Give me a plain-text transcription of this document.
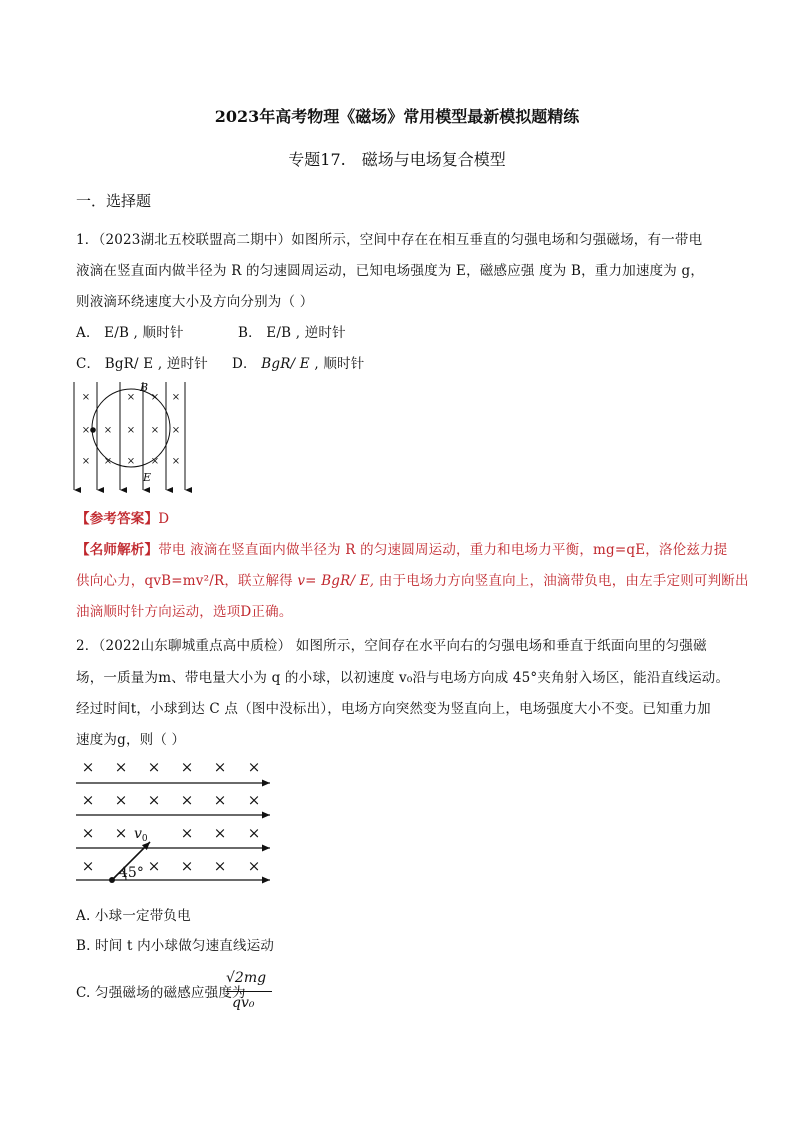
2023年高考物理《磁场》常用模型最新模拟题精练
专题17.　磁场与电场复合模型
一．选择题
1．（2023湖北五校联盟高二期中）如图所示，空间中存在在相互垂直的匀强电场和匀强磁场，有一带电
液滴在竖直面内做半径为 R 的匀速圆周运动，已知电场强度为 E，磁感应强 度为 B，重力加速度为 g，
则液滴环绕速度大小及方向分别为（ ）
A． E/B , 顺时针	B． E/B , 逆时针
C． BgR/ E , 逆时针 D． BgR/ E , 顺时针
×	× × ×
× × × × ×
× × × × ×
B
E
【参考答案】D
【名师解析】带电 液滴在竖直面内做半径为 R 的匀速圆周运动，重力和电场力平衡，mg=qE，洛伦兹力提
供向心力，qvB=mv²/R，联立解得 v= BgR/ E, 由于电场力方向竖直向上，油滴带负电，由左手定则可判断出
油滴顺时针方向运动，选项D正确。
2．（2022山东聊城重点高中质检） 如图所示，空间存在水平向右的匀强电场和垂直于纸面向里的匀强磁
场，一质量为m、带电量大小为 q 的小球，以初速度 v₀沿与电场方向成 45°夹角射入场区，能沿直线运动。
经过时间t，小球到达 C 点（图中没标出），电场方向突然变为竖直向上，电场强度大小不变。已知重力加
速度为g，则（ ）
× × × × × ×
× × × × × ×
× ×	× × ×
×	× × × ×
$v_0$
45°
A. 小球一定带负电
B. 时间 t 内小球做匀速直线运动
C. 匀强磁场的磁感应强度为
√2mg
qv₀
